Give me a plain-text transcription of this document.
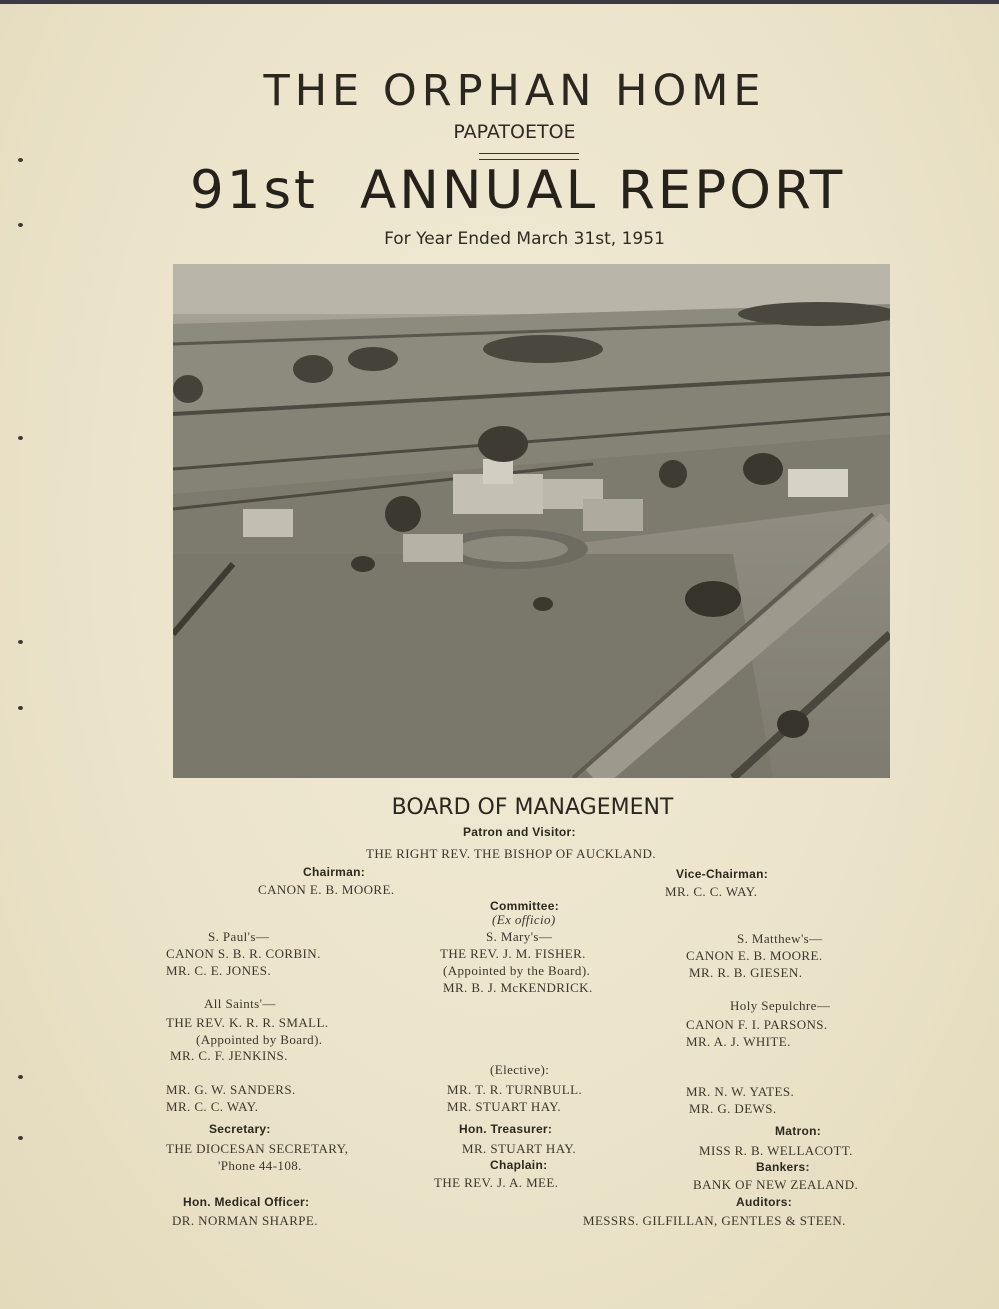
THE ORPHAN HOME
PAPATOETOE
91st ANNUAL REPORT
For Year Ended March 31st, 1951
BOARD OF MANAGEMENT
Patron and Visitor:
THE RIGHT REV. THE BISHOP OF AUCKLAND.
Chairman:
CANON E. B. MOORE.
Vice-Chairman:
MR. C. C. WAY.
Committee:
(Ex officio)
S. Paul's—
CANON S. B. R. CORBIN.
MR. C. E. JONES.
S. Mary's—
THE REV. J. M. FISHER.
(Appointed by the Board).
MR. B. J. McKENDRICK.
S. Matthew's—
CANON E. B. MOORE.
MR. R. B. GIESEN.
All Saints'—
THE REV. K. R. R. SMALL.
(Appointed by Board).
MR. C. F. JENKINS.
Holy Sepulchre—
CANON F. I. PARSONS.
MR. A. J. WHITE.
(Elective):
MR. G. W. SANDERS.
MR. C. C. WAY.
MR. T. R. TURNBULL.
MR. STUART HAY.
MR. N. W. YATES.
MR. G. DEWS.
Secretary:
THE DIOCESAN SECRETARY,
'Phone 44-108.
Hon. Treasurer:
MR. STUART HAY.
Chaplain:
THE REV. J. A. MEE.
Matron:
MISS R. B. WELLACOTT.
Bankers:
BANK OF NEW ZEALAND.
Hon. Medical Officer:
DR. NORMAN SHARPE.
Auditors:
MESSRS. GILFILLAN, GENTLES & STEEN.
